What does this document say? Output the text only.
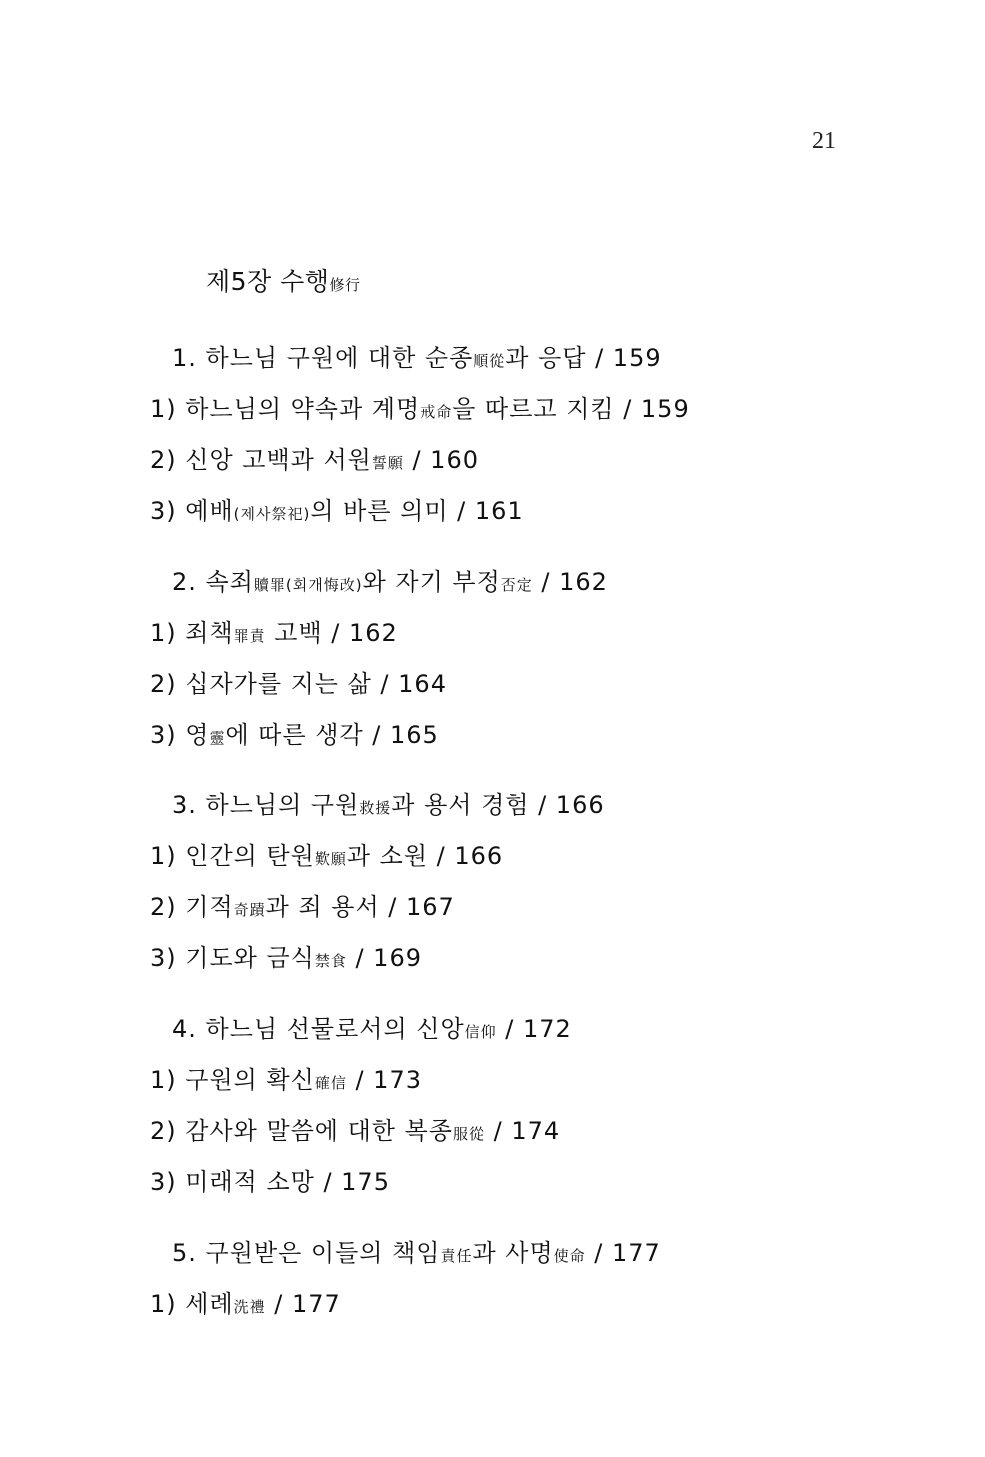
21
제5장 수행修行
1. 하느님 구원에 대한 순종順從과 응답 / 159
1) 하느님의 약속과 계명戒命을 따르고 지킴 / 159
2) 신앙 고백과 서원誓願 / 160
3) 예배(제사祭祀)의 바른 의미 / 161
2. 속죄贖罪(회개悔改)와 자기 부정否定 / 162
1) 죄책罪責 고백 / 162
2) 십자가를 지는 삶 / 164
3) 영靈에 따른 생각 / 165
3. 하느님의 구원救援과 용서 경험 / 166
1) 인간의 탄원歎願과 소원 / 166
2) 기적奇蹟과 죄 용서 / 167
3) 기도와 금식禁食 / 169
4. 하느님 선물로서의 신앙信仰 / 172
1) 구원의 확신確信 / 173
2) 감사와 말씀에 대한 복종服從 / 174
3) 미래적 소망 / 175
5. 구원받은 이들의 책임責任과 사명使命 / 177
1) 세례洗禮 / 177
